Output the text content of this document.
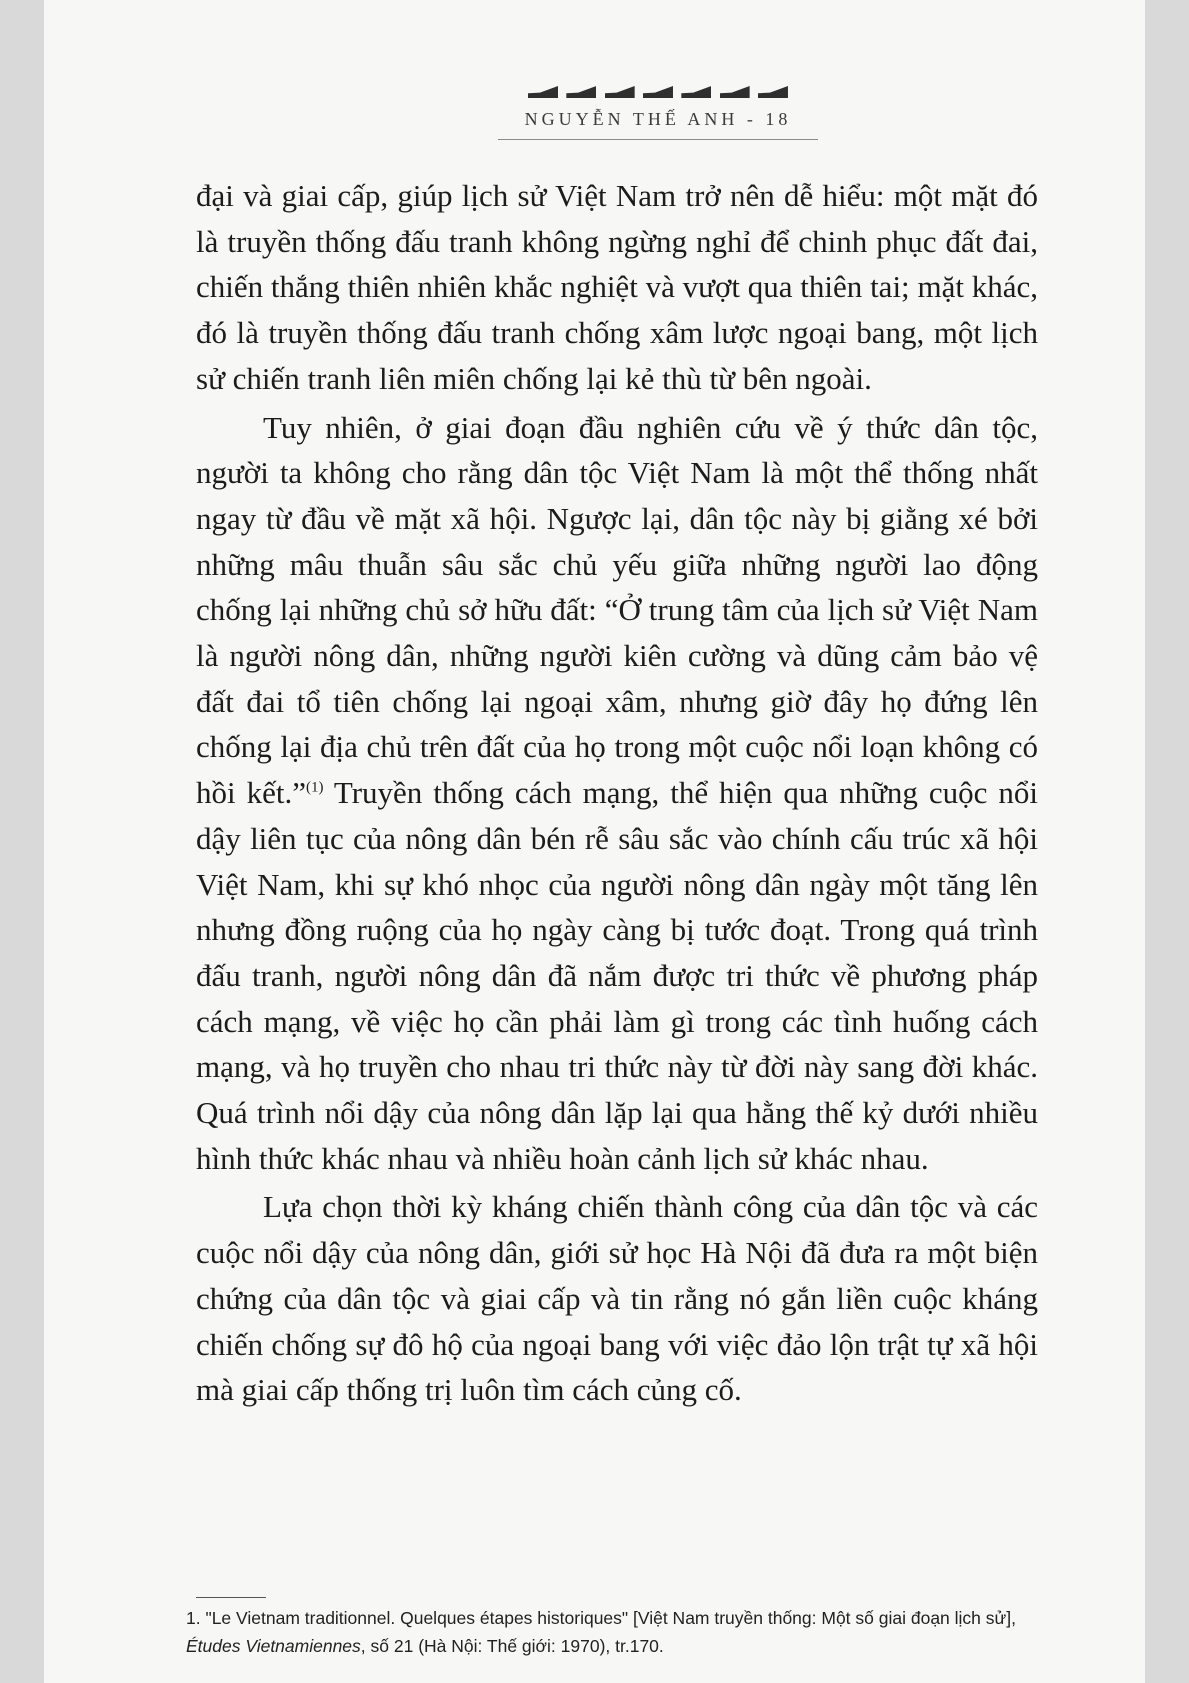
NGUYỄN THẾ ANH - 18

đại và giai cấp, giúp lịch sử Việt Nam trở nên dễ hiểu: một mặt đó là truyền thống đấu tranh không ngừng nghỉ để chinh phục đất đai, chiến thắng thiên nhiên khắc nghiệt và vượt qua thiên tai; mặt khác, đó là truyền thống đấu tranh chống xâm lược ngoại bang, một lịch sử chiến tranh liên miên chống lại kẻ thù từ bên ngoài.

Tuy nhiên, ở giai đoạn đầu nghiên cứu về ý thức dân tộc, người ta không cho rằng dân tộc Việt Nam là một thể thống nhất ngay từ đầu về mặt xã hội. Ngược lại, dân tộc này bị giằng xé bởi những mâu thuẫn sâu sắc chủ yếu giữa những người lao động chống lại những chủ sở hữu đất: “Ở trung tâm của lịch sử Việt Nam là người nông dân, những người kiên cường và dũng cảm bảo vệ đất đai tổ tiên chống lại ngoại xâm, nhưng giờ đây họ đứng lên chống lại địa chủ trên đất của họ trong một cuộc nổi loạn không có hồi kết.”$^{(1)}$ Truyền thống cách mạng, thể hiện qua những cuộc nổi dậy liên tục của nông dân bén rễ sâu sắc vào chính cấu trúc xã hội Việt Nam, khi sự khó nhọc của người nông dân ngày một tăng lên nhưng đồng ruộng của họ ngày càng bị tước đoạt. Trong quá trình đấu tranh, người nông dân đã nắm được tri thức về phương pháp cách mạng, về việc họ cần phải làm gì trong các tình huống cách mạng, và họ truyền cho nhau tri thức này từ đời này sang đời khác. Quá trình nổi dậy của nông dân lặp lại qua hằng thế kỷ dưới nhiều hình thức khác nhau và nhiều hoàn cảnh lịch sử khác nhau.

Lựa chọn thời kỳ kháng chiến thành công của dân tộc và các cuộc nổi dậy của nông dân, giới sử học Hà Nội đã đưa ra một biện chứng của dân tộc và giai cấp và tin rằng nó gắn liền cuộc kháng chiến chống sự đô hộ của ngoại bang với việc đảo lộn trật tự xã hội mà giai cấp thống trị luôn tìm cách củng cố.

1. "Le Vietnam traditionnel. Quelques étapes historiques" [Việt Nam truyền thống: Một số giai đoạn lịch sử], Études Vietnamiennes, số 21 (Hà Nội: Thế giới: 1970), tr.170.
